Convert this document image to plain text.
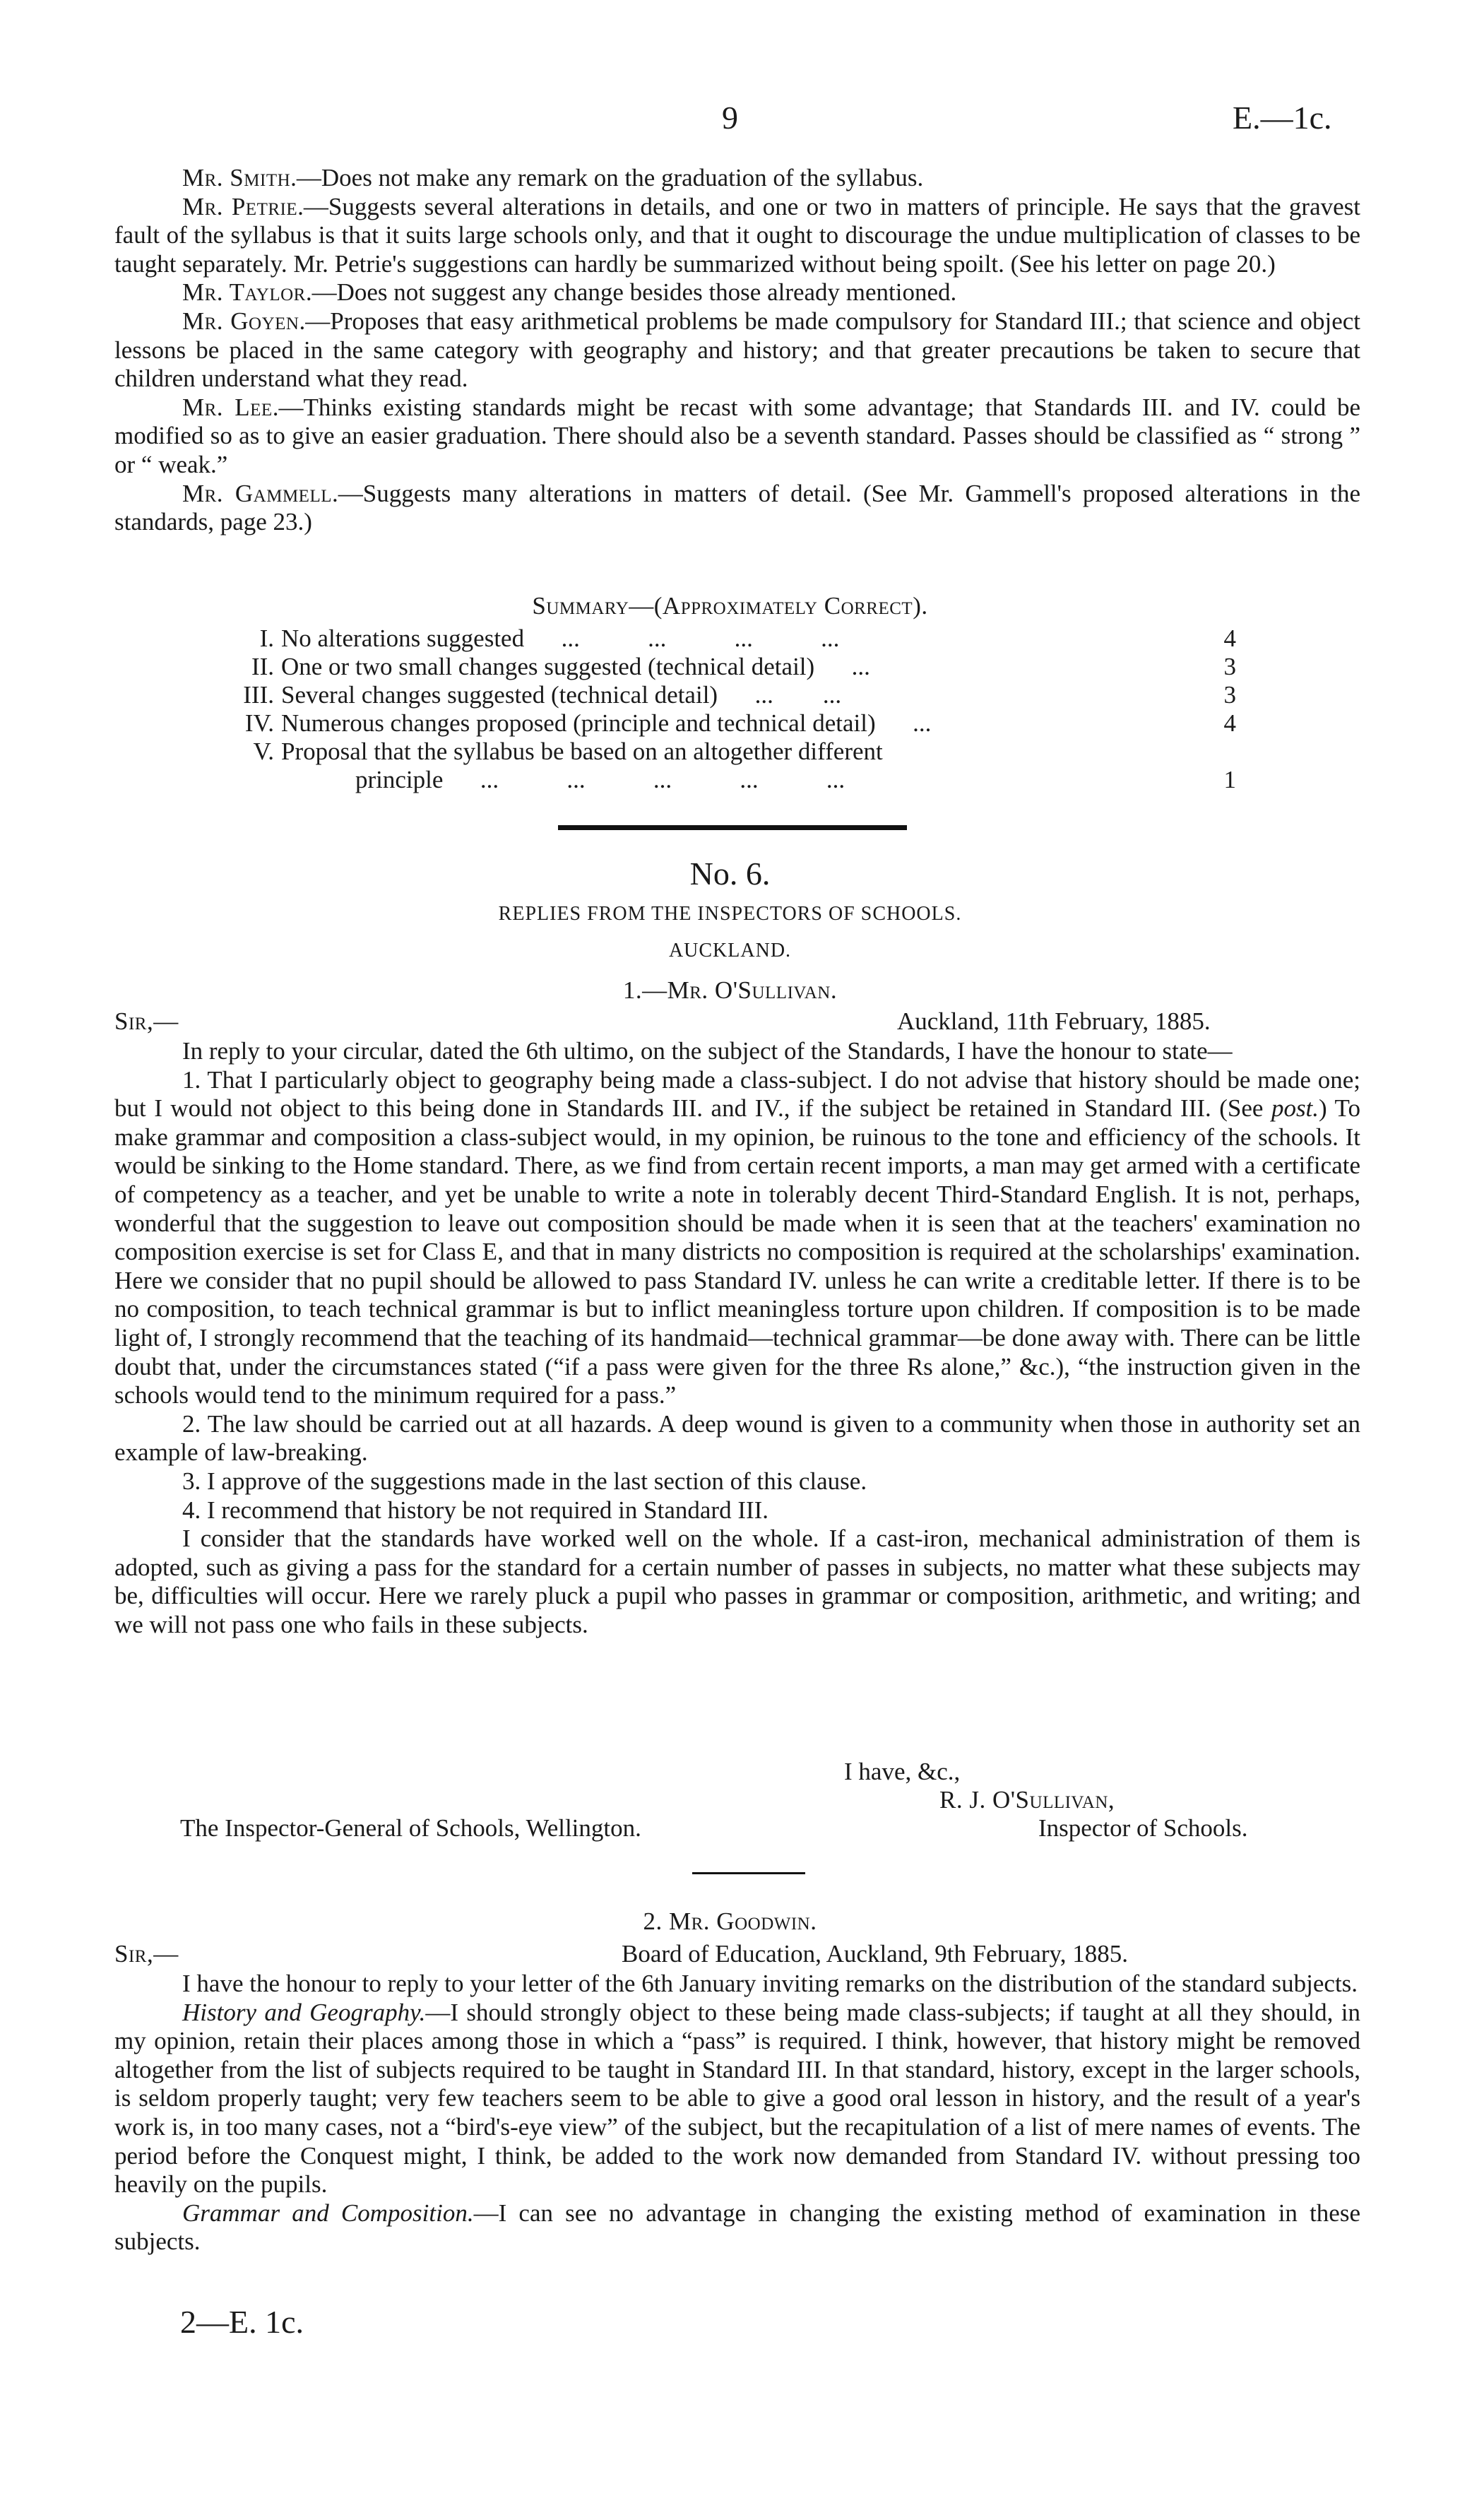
9	E.—1c.

Mr. Smith.—Does not make any remark on the graduation of the syllabus.

Mr. Petrie.—Suggests several alterations in details, and one or two in matters of principle. He says that the gravest fault of the syllabus is that it suits large schools only, and that it ought to discourage the undue multiplication of classes to be taught separately. Mr. Petrie's suggestions can hardly be summarized without being spoilt. (See his letter on page 20.)

Mr. Taylor.—Does not suggest any change besides those already mentioned.

Mr. Goyen.—Proposes that easy arithmetical problems be made compulsory for Standard III.; that science and object lessons be placed in the same category with geography and history; and that greater precautions be taken to secure that children understand what they read.

Mr. Lee.—Thinks existing standards might be recast with some advantage; that Standards III. and IV. could be modified so as to give an easier graduation. There should also be a seventh standard. Passes should be classified as “ strong ” or “ weak.”

Mr. Gammell.—Suggests many alterations in matters of detail. (See Mr. Gammell's proposed alterations in the standards, page 23.)

Summary—(Approximately Correct).
I.	No alterations suggested      ...           ...           ...           ...	4
II.	One or two small changes suggested (technical detail)      ...	3
III.	Several changes suggested (technical detail)      ...        ...	3
IV.	Numerous changes proposed (principle and technical detail)      ...	4
V.	Proposal that the syllabus be based on an altogether different	
	principle      ...           ...           ...           ...           ...	1
No. 6.
REPLIES FROM THE INSPECTORS OF SCHOOLS.
AUCKLAND.
1.—Mr. O'Sullivan.
Sir,—	Auckland, 11th February, 1885.

In reply to your circular, dated the 6th ultimo, on the subject of the Standards, I have the honour to state—

1. That I particularly object to geography being made a class-subject. I do not advise that history should be made one; but I would not object to this being done in Standards III. and IV., if the subject be retained in Standard III. (See post.) To make grammar and composition a class-subject would, in my opinion, be ruinous to the tone and efficiency of the schools. It would be sinking to the Home standard. There, as we find from certain recent imports, a man may get armed with a certificate of competency as a teacher, and yet be unable to write a note in tolerably decent Third-Standard English. It is not, perhaps, wonderful that the suggestion to leave out composition should be made when it is seen that at the teachers' examination no composition exercise is set for Class E, and that in many districts no composition is required at the scholarships' examination. Here we consider that no pupil should be allowed to pass Standard IV. unless he can write a creditable letter. If there is to be no composition, to teach technical grammar is but to inflict meaningless torture upon children. If composition is to be made light of, I strongly recommend that the teaching of its handmaid—technical grammar—be done away with. There can be little doubt that, under the circumstances stated (“if a pass were given for the three Rs alone,” &c.), “the instruction given in the schools would tend to the minimum required for a pass.”

2. The law should be carried out at all hazards. A deep wound is given to a community when those in authority set an example of law-breaking.

3. I approve of the suggestions made in the last section of this clause.

4. I recommend that history be not required in Standard III.

I consider that the standards have worked well on the whole. If a cast-iron, mechanical administration of them is adopted, such as giving a pass for the standard for a certain number of passes in subjects, no matter what these subjects may be, difficulties will occur. Here we rarely pluck a pupil who passes in grammar or composition, arithmetic, and writing; and we will not pass one who fails in these subjects.

I have, &c.,
R. J. O'Sullivan,
The Inspector-General of Schools, Wellington.	Inspector of Schools.
2. Mr. Goodwin.
Sir,—	Board of Education, Auckland, 9th February, 1885.

I have the honour to reply to your letter of the 6th January inviting remarks on the distribution of the standard subjects.

History and Geography.—I should strongly object to these being made class-subjects; if taught at all they should, in my opinion, retain their places among those in which a “pass” is required. I think, however, that history might be removed altogether from the list of subjects required to be taught in Standard III. In that standard, history, except in the larger schools, is seldom properly taught; very few teachers seem to be able to give a good oral lesson in history, and the result of a year's work is, in too many cases, not a “bird's-eye view” of the subject, but the recapitulation of a list of mere names of events. The period before the Conquest might, I think, be added to the work now demanded from Standard IV. without pressing too heavily on the pupils.

Grammar and Composition.—I can see no advantage in changing the existing method of examination in these subjects.

2—E. 1c.
